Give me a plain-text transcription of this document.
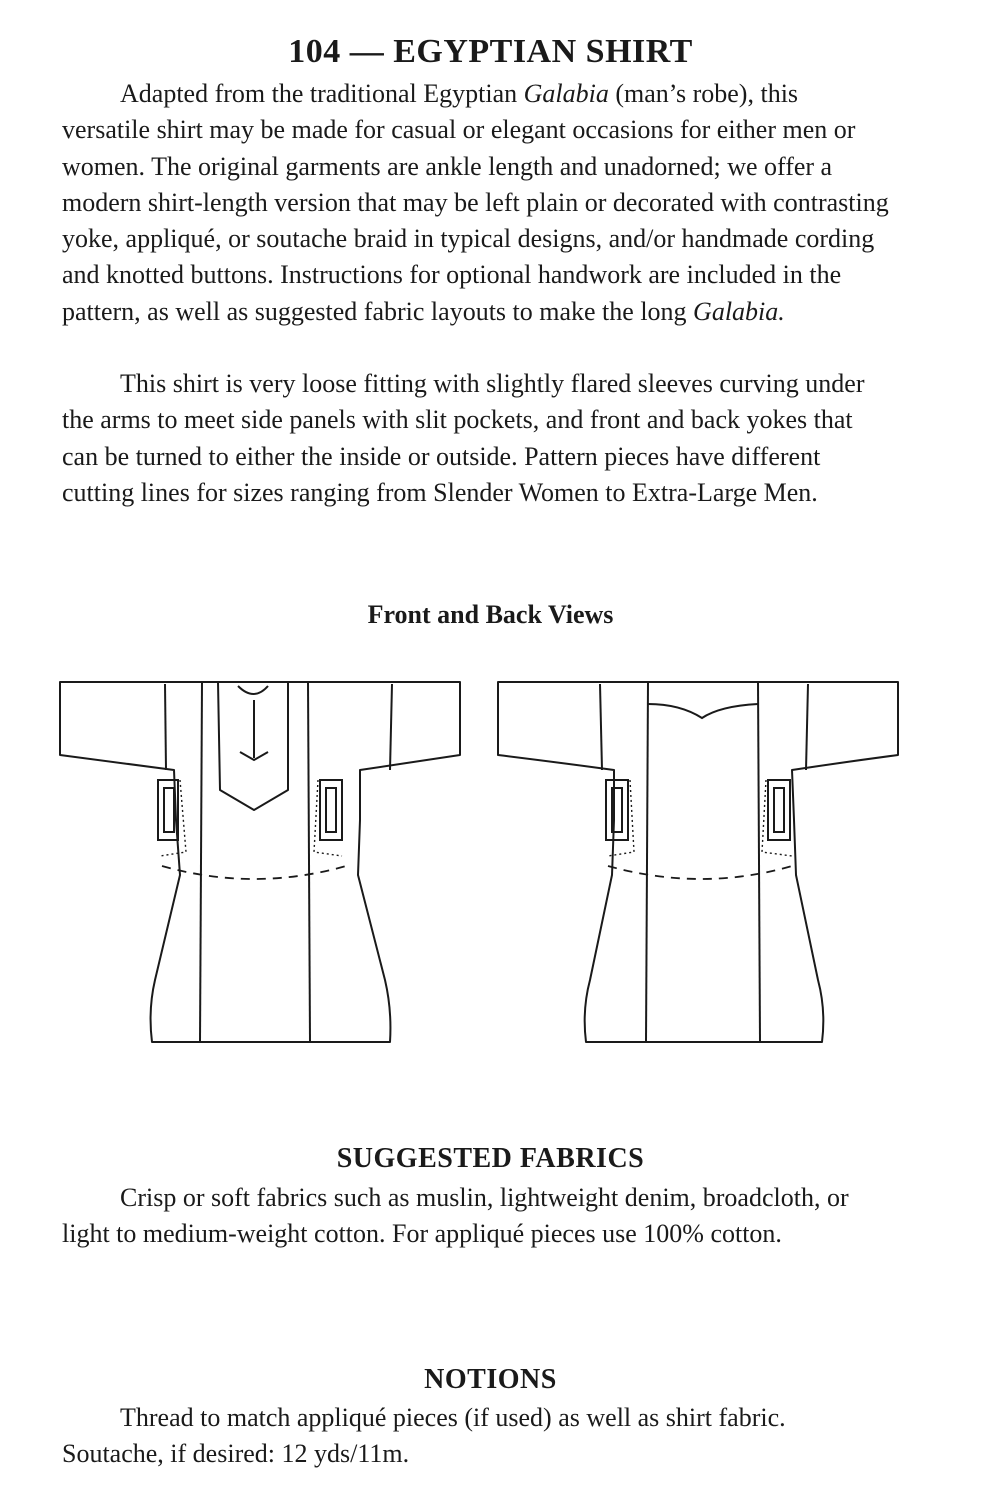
104 — EGYPTIAN SHIRT

Adapted from the traditional Egyptian Galabia (man’s robe), this versatile shirt may be made for casual or elegant occasions for either men or women. The original garments are ankle length and unadorned; we offer a modern shirt-length version that may be left plain or decorated with contrasting yoke, appliqué, or soutache braid in typical designs, and/or handmade cording and knotted buttons. Instructions for optional handwork are included in the pattern, as well as suggested fabric layouts to make the long Galabia.

This shirt is very loose fitting with slightly flared sleeves curving under the arms to meet side panels with slit pockets, and front and back yokes that can be turned to either the inside or outside. Pattern pieces have different cutting lines for sizes ranging from Slender Women to Extra-Large Men.

Front and Back Views
SUGGESTED FABRICS

Crisp or soft fabrics such as muslin, lightweight denim, broadcloth, or light to medium-weight cotton. For appliqué pieces use 100% cotton.

NOTIONS

Thread to match appliqué pieces (if used) as well as shirt fabric. Soutache, if desired: 12 yds/11m.
